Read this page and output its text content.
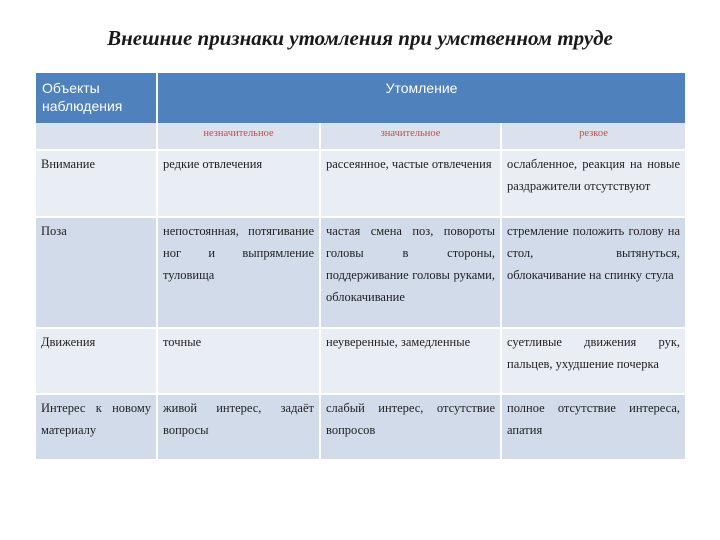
Внешние признаки утомления при умственном труде
Объекты наблюдения	Утомление		
	незначительное	значительное	резкое
Внимание	редкие отвлечения	рассеянное, частые отвлечения	ослабленное, реакция на новые раздражители отсутствуют
Поза	непостоянная, потягивание ног и выпрямление туловища	частая смена поз, повороты головы в стороны, поддерживание головы руками, облокачивание	стремление положить голову на стол, вытянуться, облокачивание на спинку стула
Движения	точные	неуверенные, замедленные	суетливые движения рук, пальцев, ухудшение почерка
Интерес к новому материалу	живой интерес, задаёт вопросы	слабый интерес, отсутствие вопросов	полное отсутствие интереса, апатия
